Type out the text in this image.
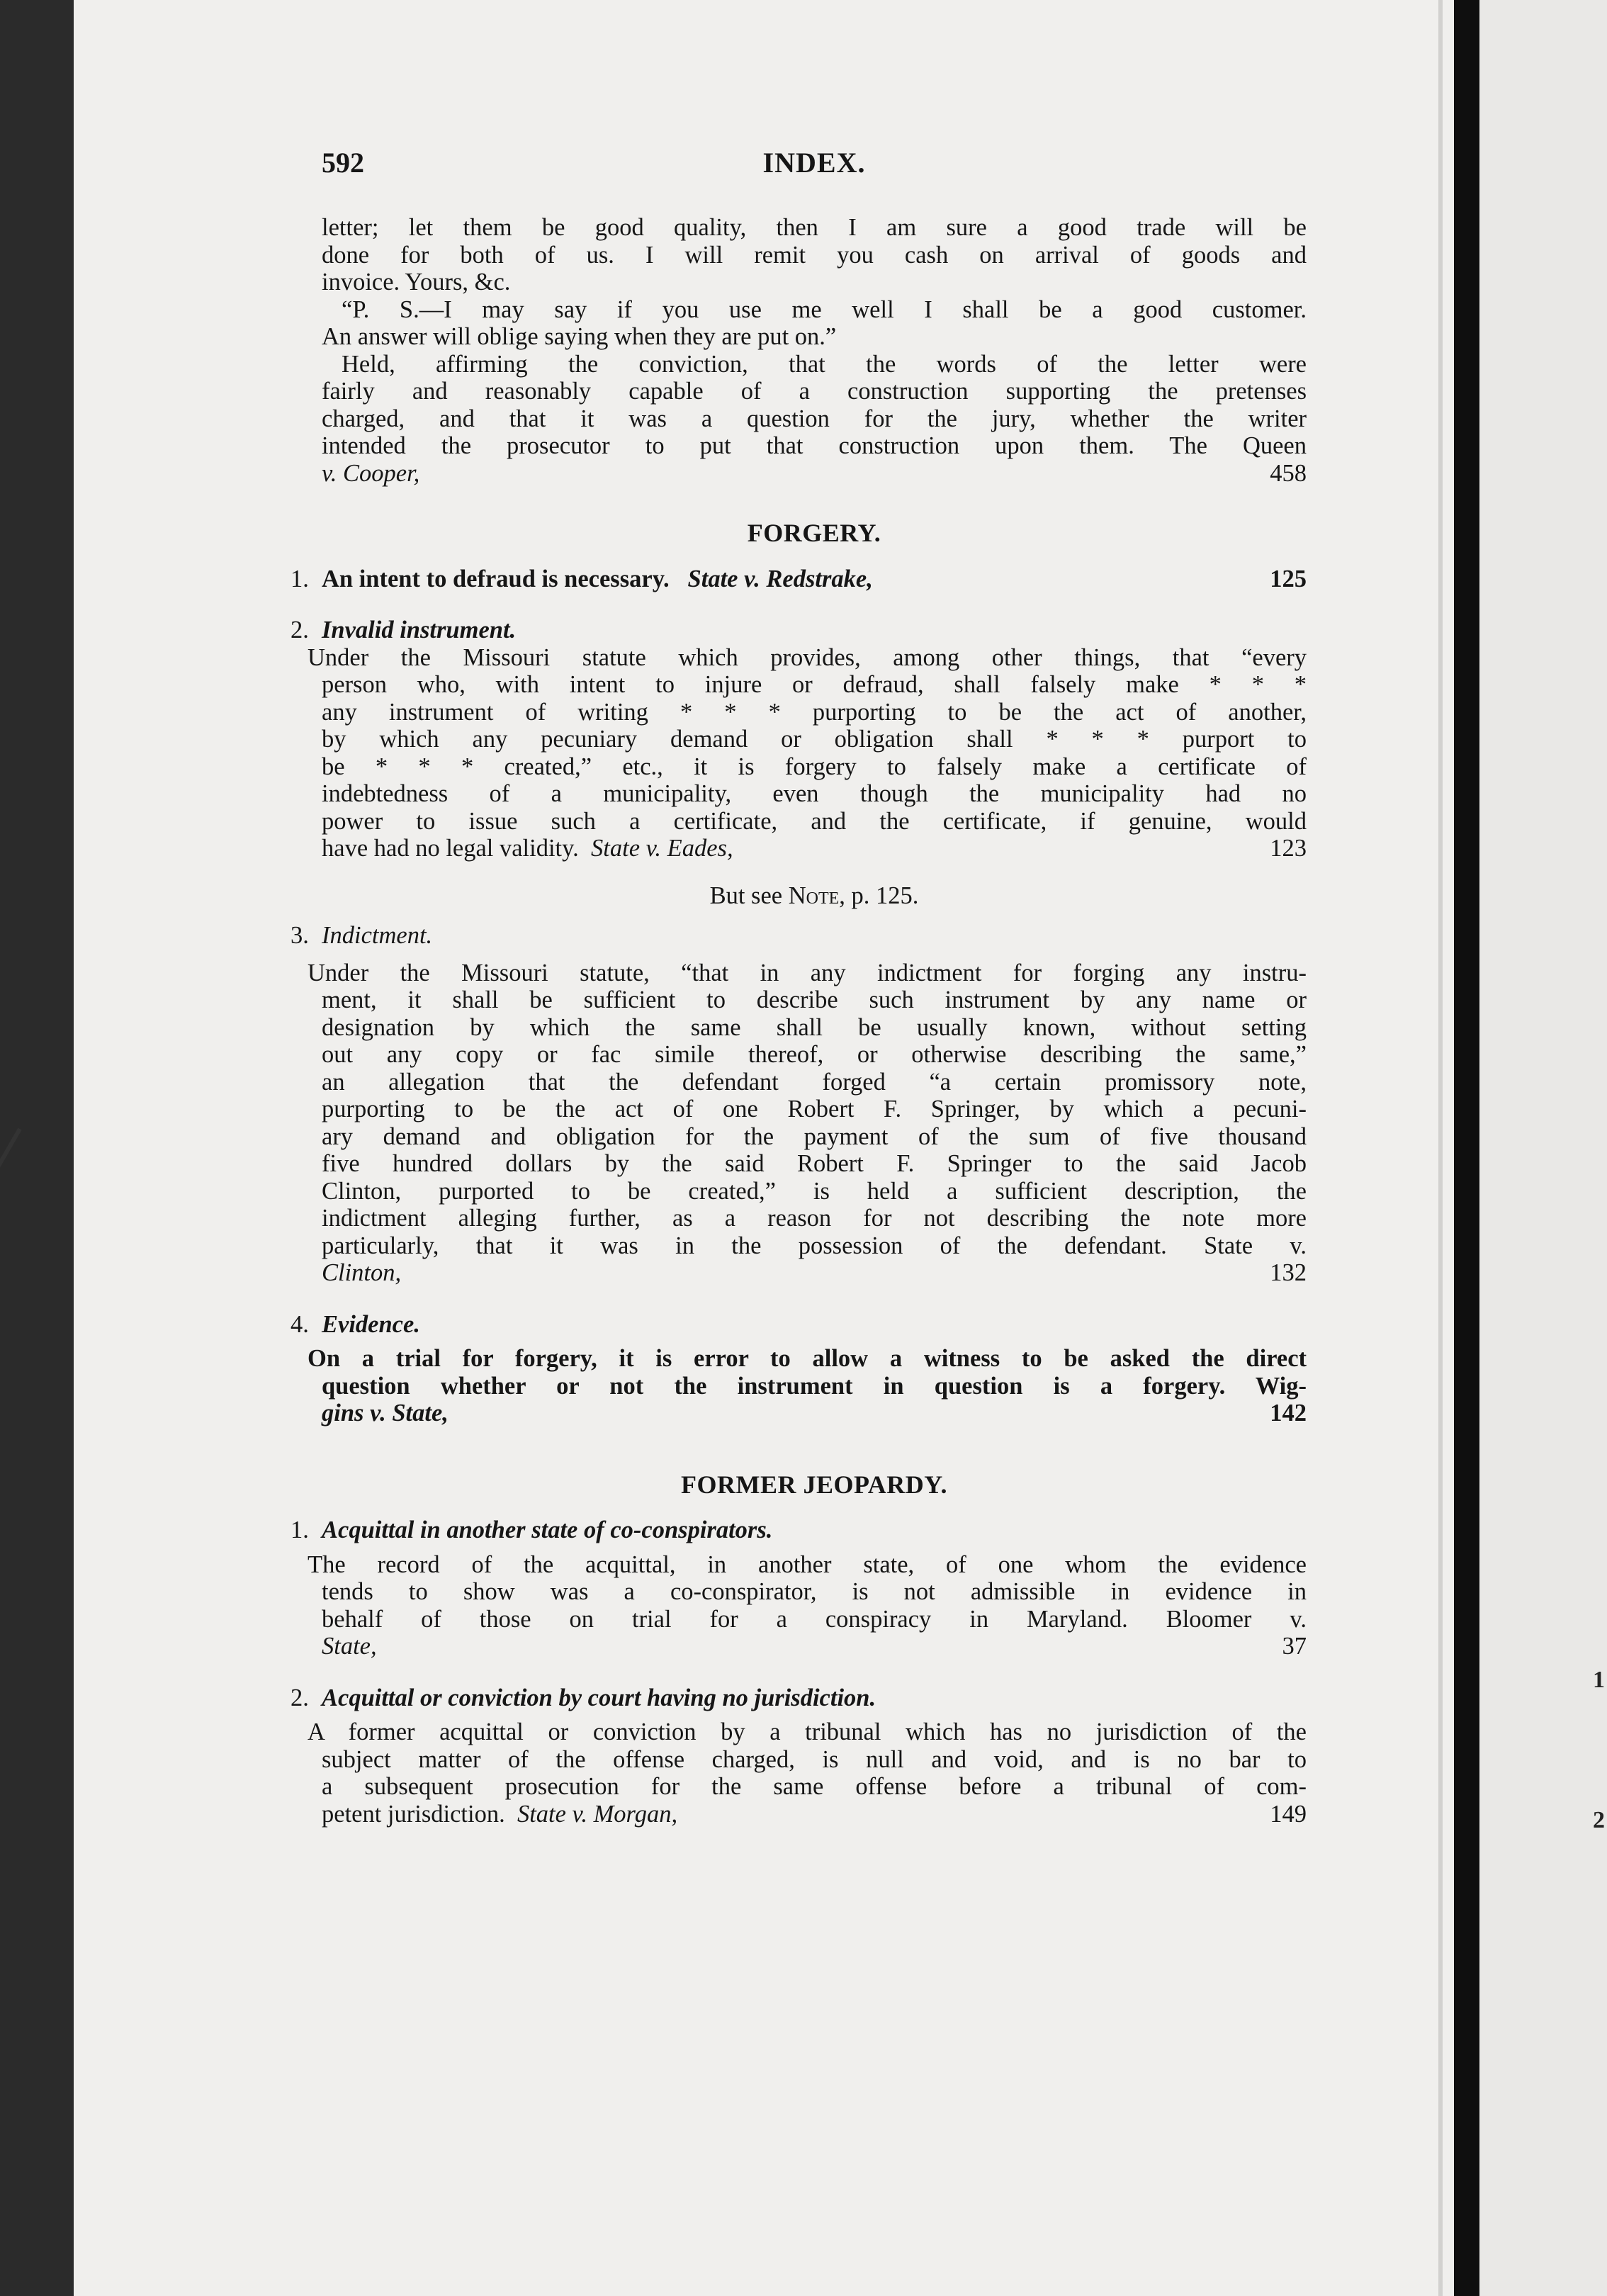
1
2
592	INDEX.
letter; let them be good quality, then I am sure a good trade will be
done for both of us. I will remit you cash on arrival of goods and
invoice. Yours, &c.
“P. S.—I may say if you use me well I shall be a good customer.
An answer will oblige saying when they are put on.”
Held, affirming the conviction, that the words of the letter were
fairly and reasonably capable of a construction supporting the pretenses
charged, and that it was a question for the jury, whether the writer
intended the prosecutor to put that construction upon them. The Queen
v. Cooper,	458
FORGERY.
1. An intent to defraud is necessary. State v. Redstrake,	125
2. Invalid instrument.
Under the Missouri statute which provides, among other things, that “every
person who, with intent to injure or defraud, shall falsely make * * *
any instrument of writing * * * purporting to be the act of another,
by which any pecuniary demand or obligation shall * * * purport to
be * * * created,” etc., it is forgery to falsely make a certificate of
indebtedness of a municipality, even though the municipality had no
power to issue such a certificate, and the certificate, if genuine, would
have had no legal validity. State v. Eades,	123
But see Note, p. 125.
3. Indictment.
Under the Missouri statute, “that in any indictment for forging any instru-
ment, it shall be sufficient to describe such instrument by any name or
designation by which the same shall be usually known, without setting
out any copy or fac simile thereof, or otherwise describing the same,”
an allegation that the defendant forged “a certain promissory note,
purporting to be the act of one Robert F. Springer, by which a pecuni-
ary demand and obligation for the payment of the sum of five thousand
five hundred dollars by the said Robert F. Springer to the said Jacob
Clinton, purported to be created,” is held a sufficient description, the
indictment alleging further, as a reason for not describing the note more
particularly, that it was in the possession of the defendant. State v.
Clinton,	132
4. Evidence.
On a trial for forgery, it is error to allow a witness to be asked the direct
question whether or not the instrument in question is a forgery. Wig-
gins v. State,	142
FORMER JEOPARDY.
1. Acquittal in another state of co-conspirators.
The record of the acquittal, in another state, of one whom the evidence
tends to show was a co-conspirator, is not admissible in evidence in
behalf of those on trial for a conspiracy in Maryland. Bloomer v.
State,	37
2. Acquittal or conviction by court having no jurisdiction.
A former acquittal or conviction by a tribunal which has no jurisdiction of the
subject matter of the offense charged, is null and void, and is no bar to
a subsequent prosecution for the same offense before a tribunal of com-
petent jurisdiction. State v. Morgan,	149
